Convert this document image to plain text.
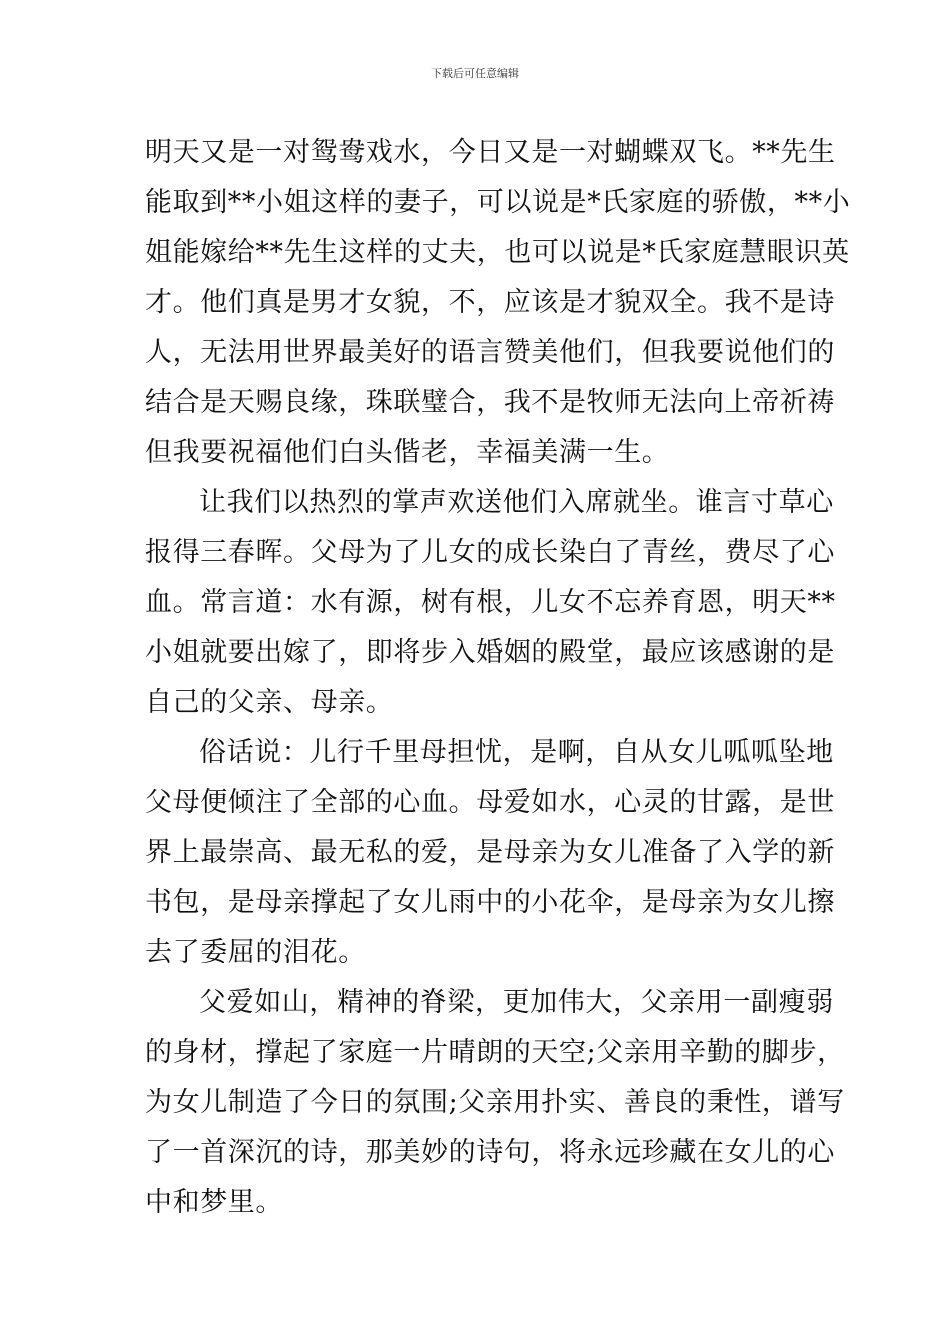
下载后可任意编辑
明天又是一对鸳鸯戏水，今日又是一对蝴蝶双飞。**先生
能取到**小姐这样的妻子，可以说是*氏家庭的骄傲，**小
姐能嫁给**先生这样的丈夫，也可以说是*氏家庭慧眼识英
才。他们真是男才女貌，不，应该是才貌双全。我不是诗
人，无法用世界最美好的语言赞美他们，但我要说他们的
结合是天赐良缘，珠联璧合，我不是牧师无法向上帝祈祷
但我要祝福他们白头偕老，幸福美满一生。
让我们以热烈的掌声欢送他们入席就坐。谁言寸草心
报得三春晖。父母为了儿女的成长染白了青丝，费尽了心
血。常言道：水有源，树有根，儿女不忘养育恩，明天**
小姐就要出嫁了，即将步入婚姻的殿堂，最应该感谢的是
自己的父亲、母亲。
俗话说：儿行千里母担忧，是啊，自从女儿呱呱坠地
父母便倾注了全部的心血。母爱如水，心灵的甘露，是世
界上最崇高、最无私的爱，是母亲为女儿准备了入学的新
书包，是母亲撑起了女儿雨中的小花伞，是母亲为女儿擦
去了委屈的泪花。
父爱如山，精神的脊梁，更加伟大，父亲用一副瘦弱
的身材，撑起了家庭一片晴朗的天空;父亲用辛勤的脚步，
为女儿制造了今日的氛围;父亲用扑实、善良的秉性，谱写
了一首深沉的诗，那美妙的诗句，将永远珍藏在女儿的心
中和梦里。
